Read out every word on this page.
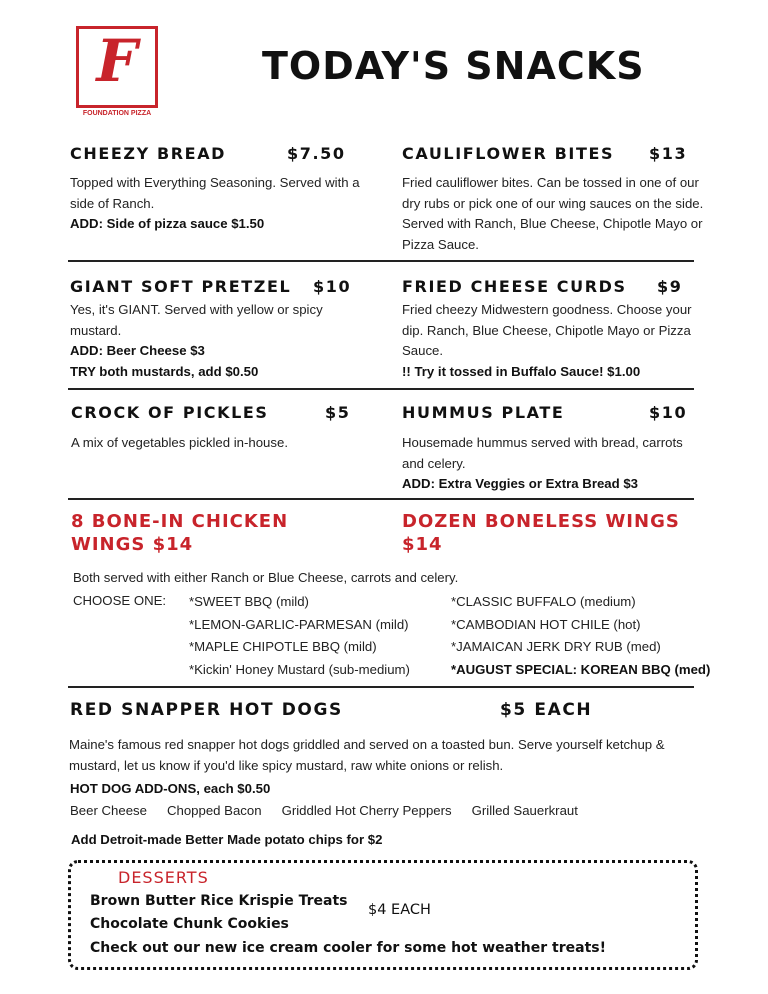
F
FOUNDATION PIZZA
TODAY'S SNACKS
CHEEZY BREAD	$7.50
Topped with Everything Seasoning. Served with a
side of Ranch.
ADD: Side of pizza sauce $1.50
CAULIFLOWER BITES $13
Fried cauliflower bites. Can be tossed in one of our
dry rubs or pick one of our wing sauces on the side.
Served with Ranch, Blue Cheese, Chipotle Mayo or
Pizza Sauce.
GIANT SOFT PRETZEL $10
Yes, it's GIANT. Served with yellow or spicy
mustard.
ADD: Beer Cheese $3
TRY both mustards, add $0.50
FRIED CHEESE CURDS $9
Fried cheezy Midwestern goodness. Choose your
dip. Ranch, Blue Cheese, Chipotle Mayo or Pizza
Sauce.
!! Try it tossed in Buffalo Sauce! $1.00
CROCK OF PICKLES	$5
A mix of vegetables pickled in-house.
HUMMUS PLATE	$10
Housemade hummus served with bread, carrots
and celery.
ADD: Extra Veggies or Extra Bread $3
8 BONE-IN CHICKEN
WINGS $14
DOZEN BONELESS WINGS
$14
Both served with either Ranch or Blue Cheese, carrots and celery.
CHOOSE ONE: *SWEET BBQ (mild)
*LEMON-GARLIC-PARMESAN (mild)
*MAPLE CHIPOTLE BBQ (mild)
*Kickin' Honey Mustard (sub-medium)
*CLASSIC BUFFALO (medium)
*CAMBODIAN HOT CHILE (hot)
*JAMAICAN JERK DRY RUB (med)
*AUGUST SPECIAL: KOREAN BBQ (med)
RED SNAPPER HOT DOGS	$5 EACH
Maine's famous red snapper hot dogs griddled and served on a toasted bun. Serve yourself ketchup &
mustard, let us know if you'd like spicy mustard, raw white onions or relish.
HOT DOG ADD-ONS, each $0.50
Beer Cheese Chopped Bacon Griddled Hot Cherry Peppers Grilled Sauerkraut
Add Detroit-made Better Made potato chips for $2
DESSERTS
Brown Butter Rice Krispie Treats
Chocolate Chunk Cookies
$4 EACH
Check out our new ice cream cooler for some hot weather treats!
